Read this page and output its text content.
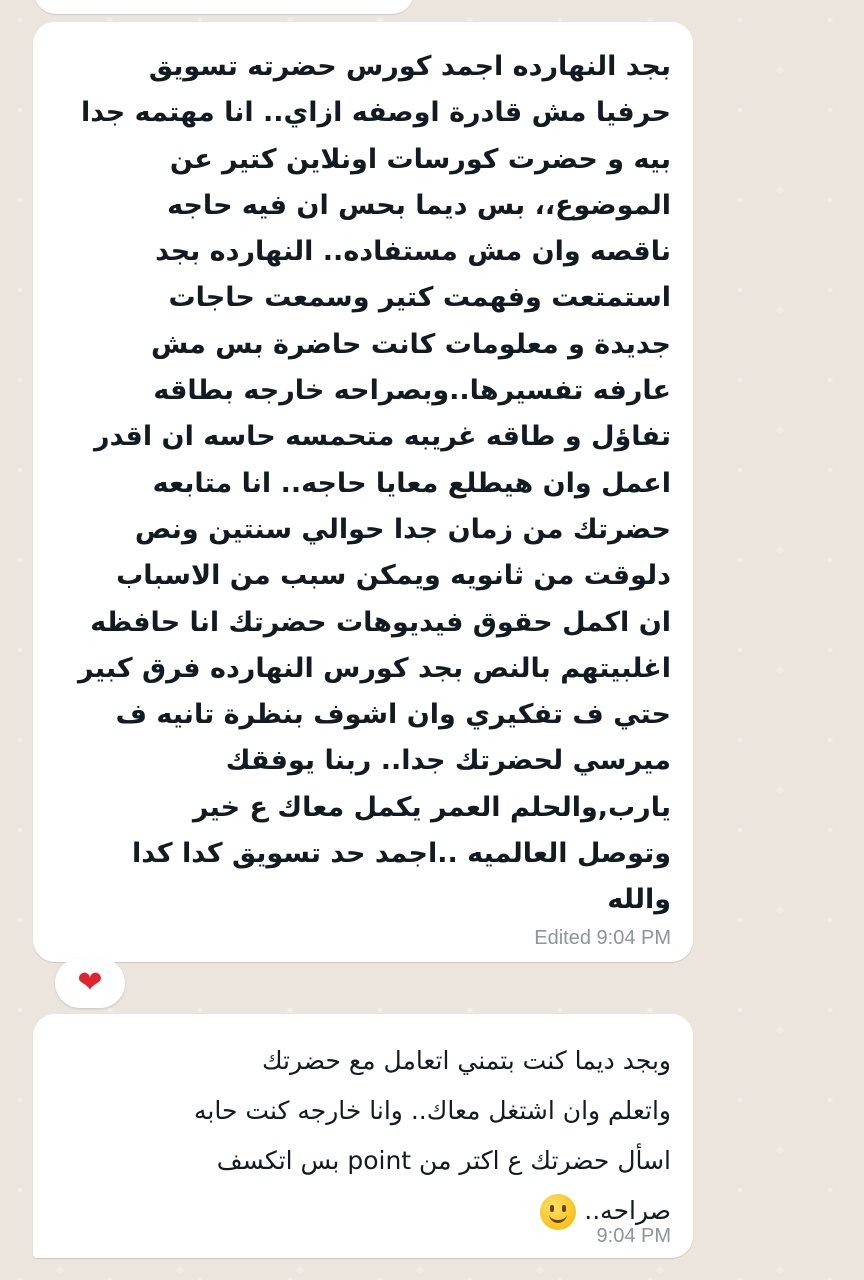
بجد النهارده اجمد كورس حضرته تسويق
حرفيا مش قادرة اوصفه ازاي.. انا مهتمه جدا
بيه و حضرت كورسات اونلاين كتير عن
الموضوع،، بس ديما بحس ان فيه حاجه
ناقصه وان مش مستفاده.. النهارده بجد
استمتعت وفهمت كتير وسمعت حاجات
جديدة و معلومات كانت حاضرة بس مش
عارفه تفسيرها..وبصراحه خارجه بطاقه
تفاؤل و طاقه غريبه متحمسه حاسه ان اقدر
اعمل وان هيطلع معايا حاجه.. انا متابعه
حضرتك من زمان جدا حوالي سنتين ونص
دلوقت من ثانويه ويمكن سبب من الاسباب
ان اكمل حقوق فيديوهات حضرتك انا حافظه
اغلبيتهم بالنص بجد كورس النهارده فرق كبير
حتي ف تفكيري وان اشوف بنظرة تانيه ف
ميرسي لحضرتك جدا.. ربنا يوفقك
يارب,والحلم العمر يكمل معاك ع خير
وتوصل العالميه ..اجمد حد تسويق كدا كدا
والله
Edited 9:04 PM
❤
وبجد ديما كنت بتمني اتعامل مع حضرتك
واتعلم وان اشتغل معاك.. وانا خارجه كنت حابه
اسأل حضرتك ع اكتر من point بس اتكسف
صراحه..
9:04 PM
